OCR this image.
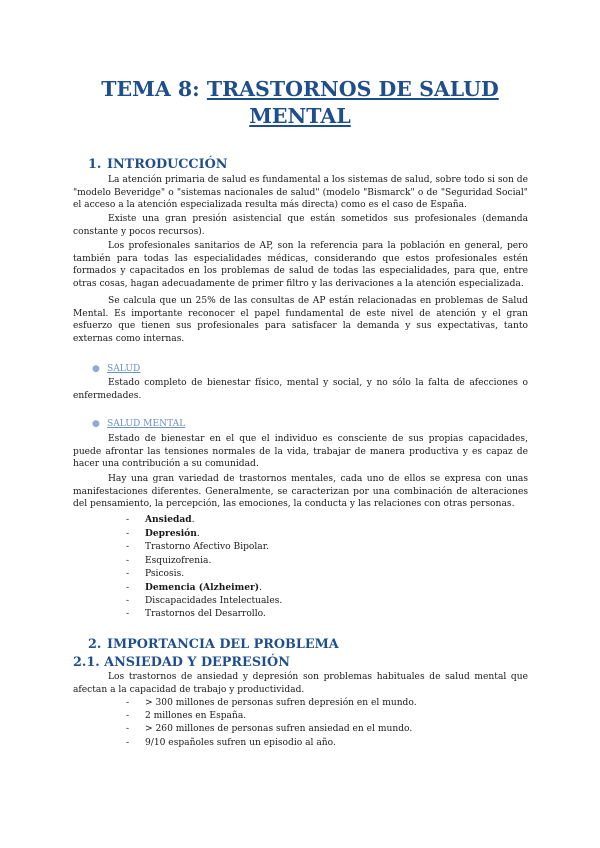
TEMA 8: TRASTORNOS DE SALUD
MENTAL
1. INTRODUCCIÓN
La atención primaria de salud es fundamental a los sistemas de salud, sobre todo si son de "modelo Beveridge" o "sistemas nacionales de salud" (modelo "Bismarck" o de "Seguridad Social" el acceso a la atención especializada resulta más directa) como es el caso de España.
Existe una gran presión asistencial que están sometidos sus profesionales (demanda constante y pocos recursos).
Los profesionales sanitarios de AP, son la referencia para la población en general, pero también para todas las especialidades médicas, considerando que estos profesionales estén formados y capacitados en los problemas de salud de todas las especialidades, para que, entre otras cosas, hagan adecuadamente de primer filtro y las derivaciones a la atención especializada.
Se calcula que un 25% de las consultas de AP están relacionadas en problemas de Salud Mental. Es importante reconocer el papel fundamental de este nivel de atención y el gran esfuerzo que tienen sus profesionales para satisfacer la demanda y sus expectativas, tanto externas como internas.
● SALUD
Estado completo de bienestar físico, mental y social, y no sólo la falta de afecciones o enfermedades.
● SALUD MENTAL
Estado de bienestar en el que el individuo es consciente de sus propias capacidades, puede afrontar las tensiones normales de la vida, trabajar de manera productiva y es capaz de hacer una contribución a su comunidad.
Hay una gran variedad de trastornos mentales, cada uno de ellos se expresa con unas manifestaciones diferentes. Generalmente, se caracterizan por una combinación de alteraciones del pensamiento, la percepción, las emociones, la conducta y las relaciones con otras personas.
- Ansiedad.
- Depresión.
- Trastorno Afectivo Bipolar.
- Esquizofrenia.
- Psicosis.
- Demencia (Alzheimer).
- Discapacidades Intelectuales.
- Trastornos del Desarrollo.
2. IMPORTANCIA DEL PROBLEMA
2.1. ANSIEDAD Y DEPRESIÓN
Los trastornos de ansiedad y depresión son problemas habituales de salud mental que afectan a la capacidad de trabajo y productividad.
- > 300 millones de personas sufren depresión en el mundo.
- 2 millones en España.
- > 260 millones de personas sufren ansiedad en el mundo.
- 9/10 españoles sufren un episodio al año.
